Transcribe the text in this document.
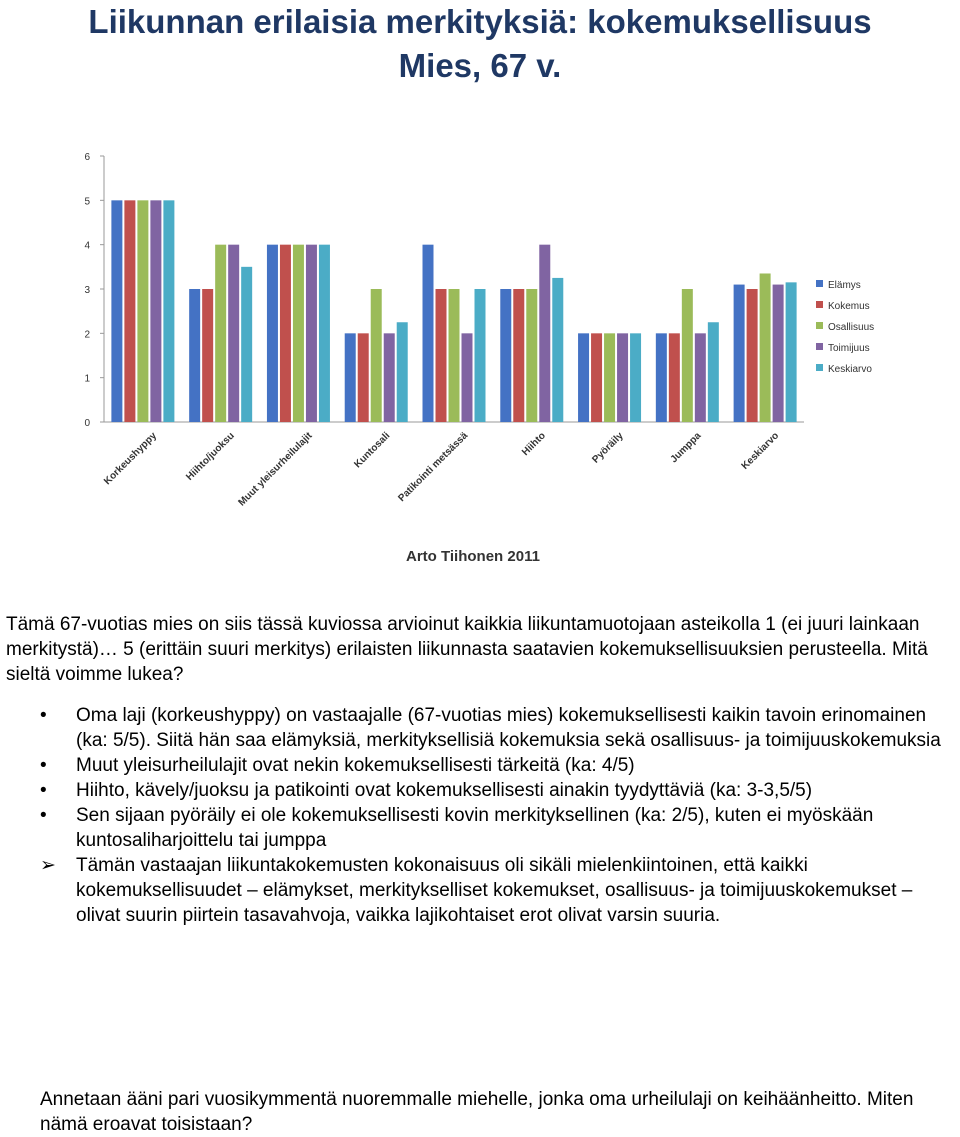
Liikunnan erilaisia merkityksiä: kokemuksellisuus
Mies, 67 v.
0
1
2
3
4
5
6
Korkeushyppy	Hiihto/juoksu Muut yleisurheilulajit	Kuntosali Patikointi metsässä	Hiihto	Pyöräily	Jumppa	Keskiarvo
Elämys
Kokemus
Osallisuus
Toimijuus
Keskiarvo
Arto Tiihonen 2011

Tämä 67-vuotias mies on siis tässä kuviossa arvioinut kaikkia liikuntamuotojaan asteikolla 1 (ei juuri lainkaan merkitystä)… 5 (erittäin suuri merkitys) erilaisten liikunnasta saatavien kokemuksellisuuksien perusteella. Mitä sieltä voimme lukea?

• Oma laji (korkeushyppy) on vastaajalle (67-vuotias mies) kokemuksellisesti kaikin tavoin erinomainen (ka: 5/5). Siitä hän saa elämyksiä, merkityksellisiä kokemuksia sekä osallisuus- ja toimijuuskokemuksia
• Muut yleisurheilulajit ovat nekin kokemuksellisesti tärkeitä (ka: 4/5)
• Hiihto, kävely/juoksu ja patikointi ovat kokemuksellisesti ainakin tyydyttäviä (ka: 3-3,5/5)
• Sen sijaan pyöräily ei ole kokemuksellisesti kovin merkityksellinen (ka: 2/5), kuten ei myöskään kuntosaliharjoittelu tai jumppa
➢ Tämän vastaajan liikuntakokemusten kokonaisuus oli sikäli mielenkiintoinen, että kaikki kokemuksellisuudet – elämykset, merkitykselliset kokemukset, osallisuus- ja toimijuuskokemukset – olivat suurin piirtein tasavahvoja, vaikka lajikohtaiset erot olivat varsin suuria.

Annetaan ääni pari vuosikymmentä nuoremmalle miehelle, jonka oma urheilulaji on keihäänheitto. Miten nämä eroavat toisistaan?
